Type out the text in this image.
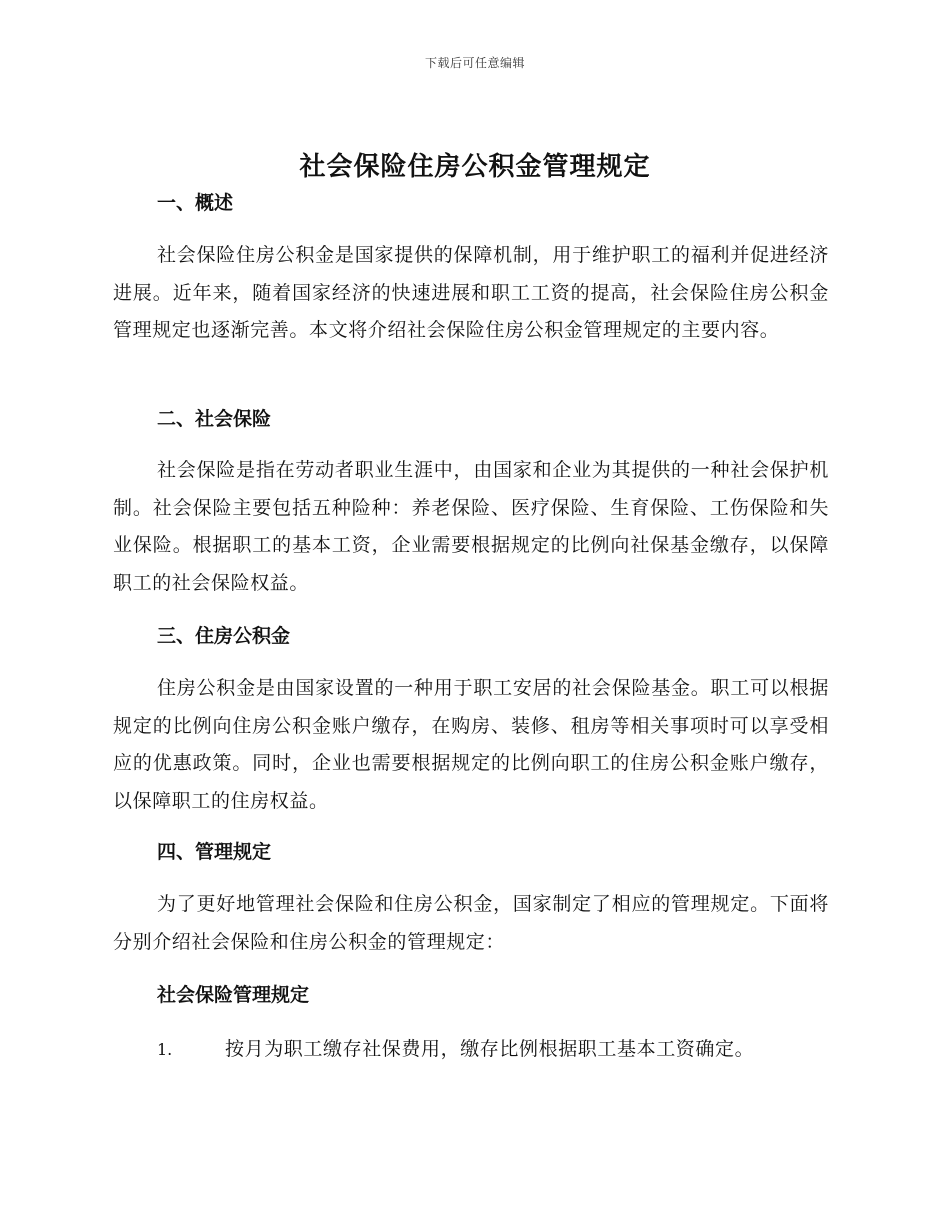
下载后可任意编辑
社会保险住房公积金管理规定
一、概述

社会保险住房公积金是国家提供的保障机制，用于维护职工的福利并促进经济进展。近年来，随着国家经济的快速进展和职工工资的提高，社会保险住房公积金管理规定也逐渐完善。本文将介绍社会保险住房公积金管理规定的主要内容。

二、社会保险

社会保险是指在劳动者职业生涯中，由国家和企业为其提供的一种社会保护机制。社会保险主要包括五种险种：养老保险、医疗保险、生育保险、工伤保险和失业保险。根据职工的基本工资，企业需要根据规定的比例向社保基金缴存，以保障职工的社会保险权益。

三、住房公积金

住房公积金是由国家设置的一种用于职工安居的社会保险基金。职工可以根据规定的比例向住房公积金账户缴存，在购房、装修、租房等相关事项时可以享受相应的优惠政策。同时，企业也需要根据规定的比例向职工的住房公积金账户缴存，以保障职工的住房权益。

四、管理规定

为了更好地管理社会保险和住房公积金，国家制定了相应的管理规定。下面将分别介绍社会保险和住房公积金的管理规定：

社会保险管理规定
1.	按月为职工缴存社保费用，缴存比例根据职工基本工资确定。
